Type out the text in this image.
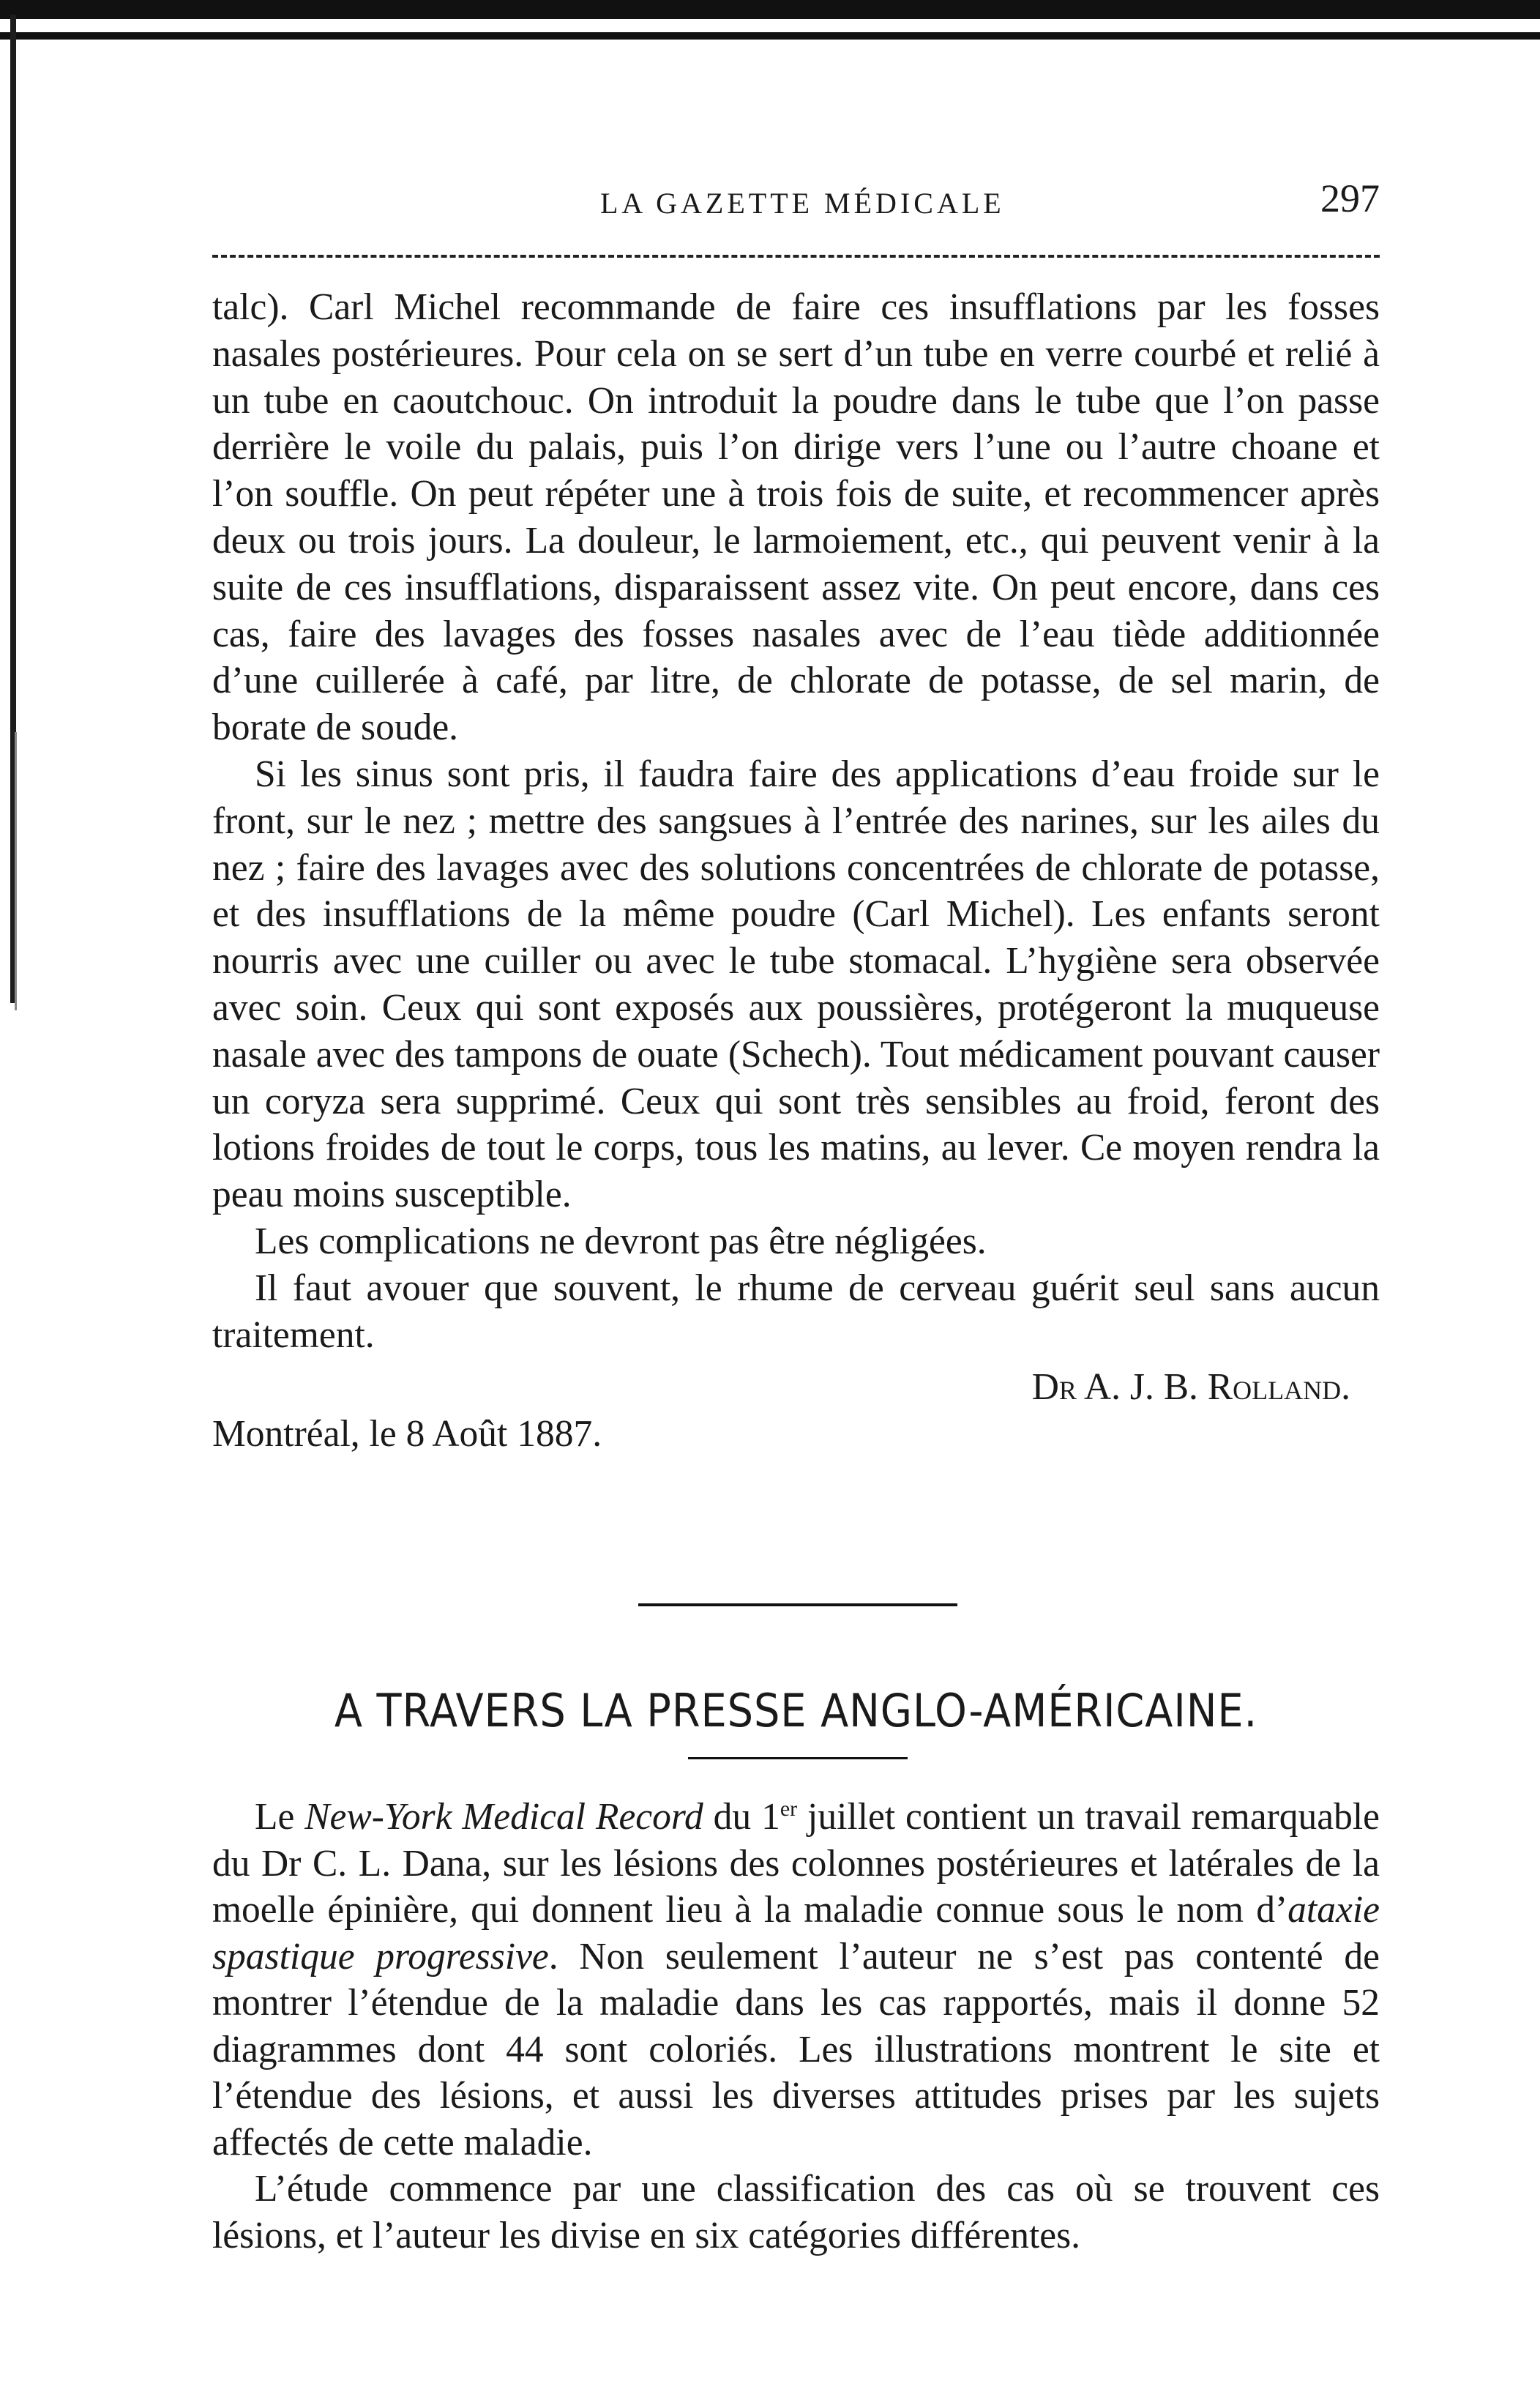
LA GAZETTE MÉDICALE	297

talc). Carl Michel recommande de faire ces insufflations par les fosses nasales postérieures. Pour cela on se sert d’un tube en verre courbé et relié à un tube en caoutchouc. On introduit la poudre dans le tube que l’on passe derrière le voile du palais, puis l’on dirige vers l’une ou l’autre choane et l’on souffle. On peut répéter une à trois fois de suite, et recommencer après deux ou trois jours. La douleur, le larmoiement, etc., qui peuvent venir à la suite de ces insufflations, disparaissent assez vite. On peut encore, dans ces cas, faire des lavages des fosses nasales avec de l’eau tiède additionnée d’une cuillerée à café, par litre, de chlorate de potasse, de sel marin, de borate de soude.

Si les sinus sont pris, il faudra faire des applications d’eau froide sur le front, sur le nez ; mettre des sangsues à l’entrée des narines, sur les ailes du nez ; faire des lavages avec des solutions concentrées de chlorate de potasse, et des insufflations de la même poudre (Carl Michel). Les enfants seront nourris avec une cuiller ou avec le tube stomacal. L’hygiène sera observée avec soin. Ceux qui sont exposés aux poussières, protégeront la muqueuse nasale avec des tampons de ouate (Schech). Tout médicament pouvant causer un coryza sera supprimé. Ceux qui sont très sensibles au froid, feront des lotions froides de tout le corps, tous les matins, au lever. Ce moyen rendra la peau moins susceptible.

Les complications ne devront pas être négligées.

Il faut avouer que souvent, le rhume de cerveau guérit seul sans aucun traitement.

Dr A. J. B. Rolland.

Montréal, le 8 Août 1887.

A TRAVERS LA PRESSE ANGLO-AMÉRICAINE.

Le New-York Medical Record du 1er juillet contient un travail remarquable du Dr C. L. Dana, sur les lésions des colonnes postérieures et latérales de la moelle épinière, qui donnent lieu à la maladie connue sous le nom d’ataxie spastique progressive. Non seulement l’auteur ne s’est pas contenté de montrer l’étendue de la maladie dans les cas rapportés, mais il donne 52 diagrammes dont 44 sont coloriés. Les illustrations montrent le site et l’étendue des lésions, et aussi les diverses attitudes prises par les sujets affectés de cette maladie.

L’étude commence par une classification des cas où se trouvent ces lésions, et l’auteur les divise en six catégories différentes.
